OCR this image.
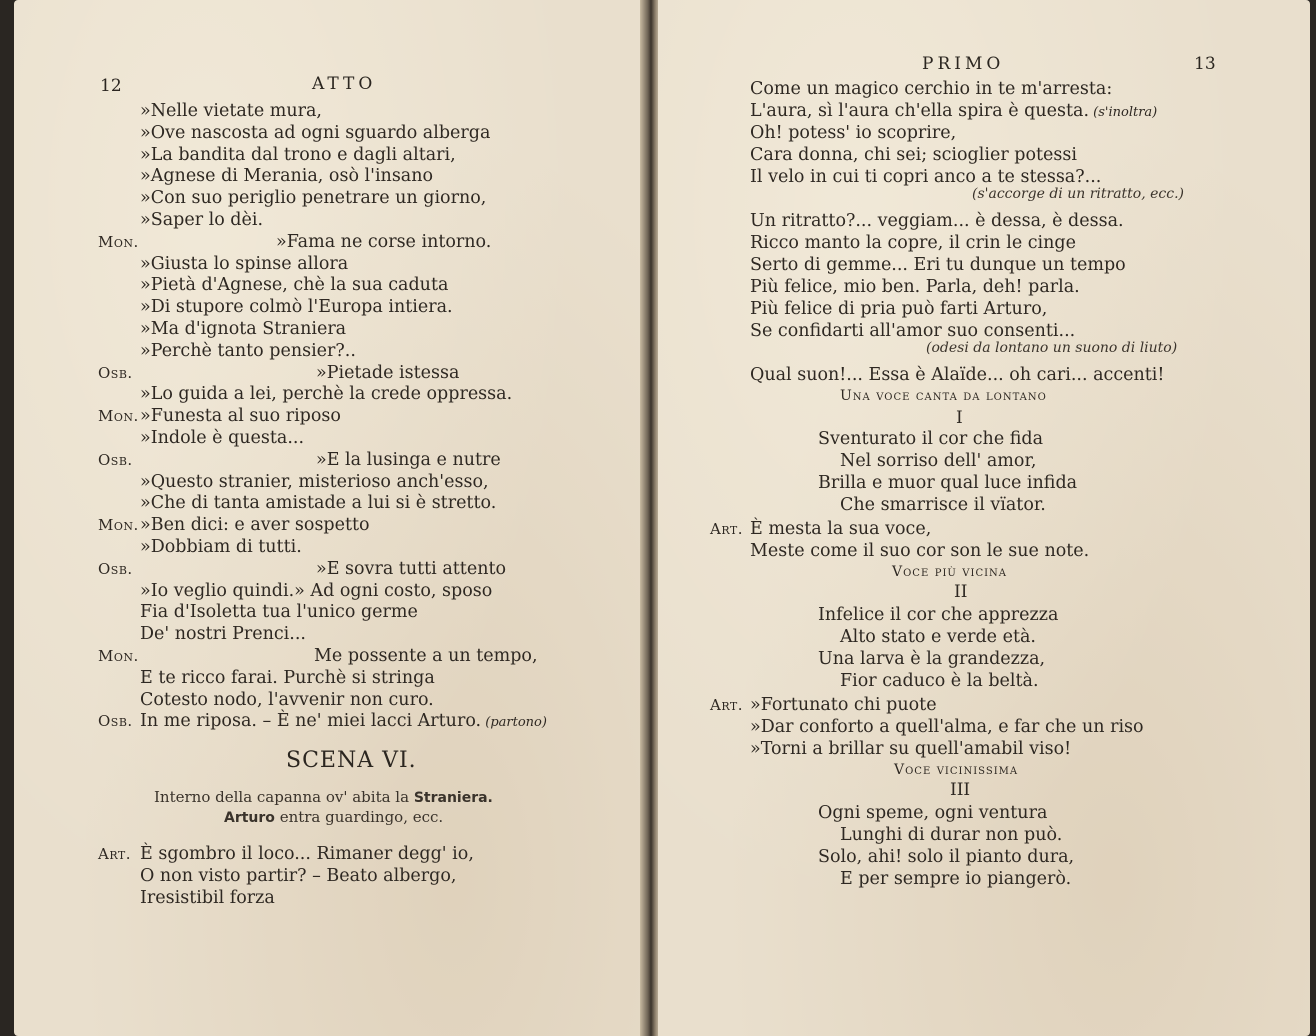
12	ATTO
»Nelle vietate mura,
»Ove nascosta ad ogni sguardo alberga
»La bandita dal trono e dagli altari,
»Agnese di Merania, osò l'insano
»Con suo periglio penetrare un giorno,
»Saper lo dèi.
Mon.	»Fama ne corse intorno.
»Giusta lo spinse allora
»Pietà d'Agnese, chè la sua caduta
»Di stupore colmò l'Europa intiera.
»Ma d'ignota Straniera
»Perchè tanto pensier?..
Osb.	»Pietade istessa
»Lo guida a lei, perchè la crede oppressa.
Mon. »Funesta al suo riposo
»Indole è questa...
Osb.	»E la lusinga e nutre
»Questo stranier, misterioso anch'esso,
»Che di tanta amistade a lui si è stretto.
Mon. »Ben dici: e aver sospetto
»Dobbiam di tutti.
Osb.	»E sovra tutti attento
»Io veglio quindi.» Ad ogni costo, sposo
Fia d'Isoletta tua l'unico germe
De' nostri Prenci...
Mon.	Me possente a un tempo,
E te ricco farai. Purchè si stringa
Cotesto nodo, l'avvenir non curo.
Osb. In me riposa. – È ne' miei lacci Arturo. (partono)
SCENA VI.
Interno della capanna ov' abita la Straniera.
Arturo entra guardingo, ecc.
Art. È sgombro il loco... Rimaner degg' io,
O non visto partir? – Beato albergo,
Iresistibil forza
PRIMO	13
Come un magico cerchio in te m'arresta:
L'aura, sì l'aura ch'ella spira è questa. (s'inoltra)
Oh! potess' io scoprire,
Cara donna, chi sei; scioglier potessi
Il velo in cui ti copri anco a te stessa?...
(s'accorge di un ritratto, ecc.)
Un ritratto?... veggiam... è dessa, è dessa.
Ricco manto la copre, il crin le cinge
Serto di gemme... Eri tu dunque un tempo
Più felice, mio ben. Parla, deh! parla.
Più felice di pria può farti Arturo,
Se confidarti all'amor suo consenti...
(odesi da lontano un suono di liuto)
Qual suon!... Essa è Alaïde... oh cari... accenti!
Una voce canta da lontano
I
Sventurato il cor che fida
Nel sorriso dell' amor,
Brilla e muor qual luce infida
Che smarrisce il vïator.
Art. È mesta la sua voce,
Meste come il suo cor son le sue note.
Voce più vicina
II
Infelice il cor che apprezza
Alto stato e verde età.
Una larva è la grandezza,
Fior caduco è la beltà.
Art. »Fortunato chi puote
»Dar conforto a quell'alma, e far che un riso
»Torni a brillar su quell'amabil viso!
Voce vicinissima
III
Ogni speme, ogni ventura
Lunghi di durar non può.
Solo, ahi! solo il pianto dura,
E per sempre io piangerò.
